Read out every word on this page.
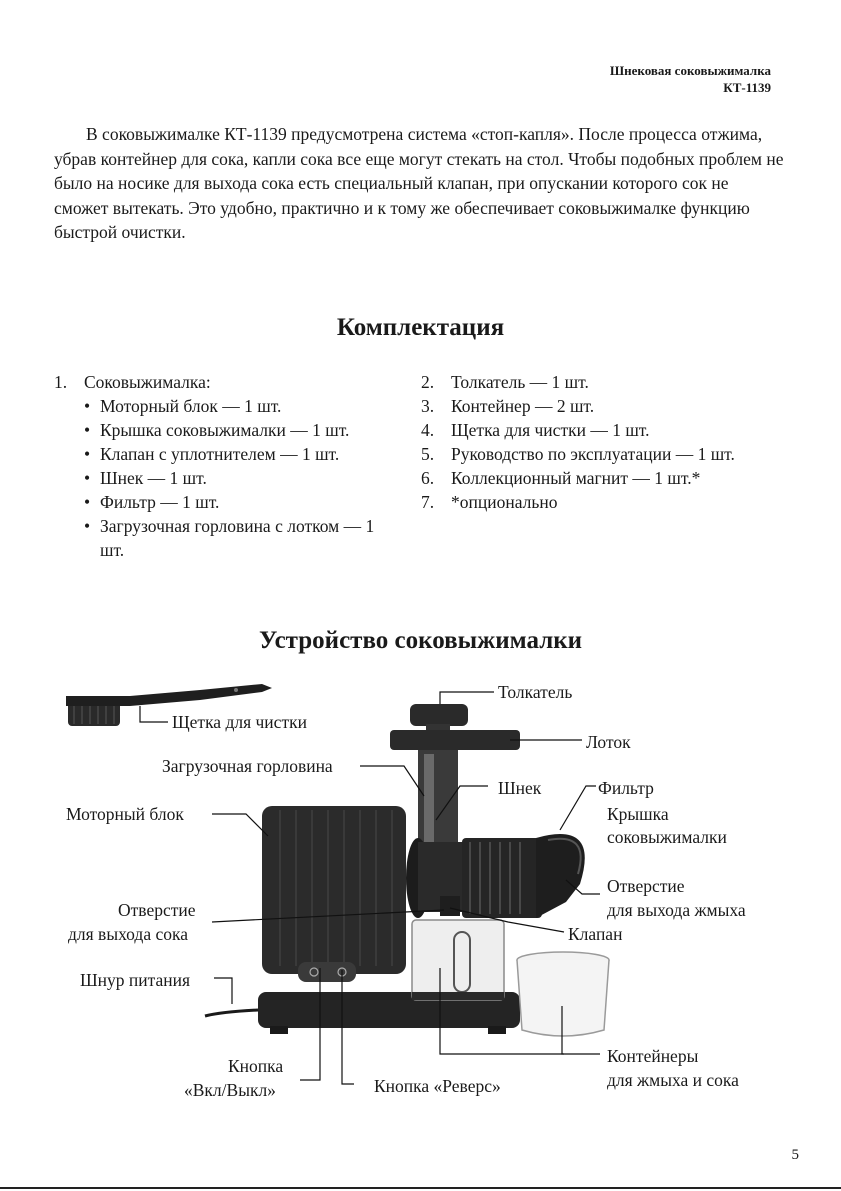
Шнековая соковыжималка
КТ-1139

В соковыжималке КТ-1139 предусмотрена система «стоп-капля». После процесса отжима, убрав контейнер для сока, капли сока все еще могут стекать на стол. Чтобы подобных проблем не было на носике для выхода сока есть специальный клапан, при опускании которого сок не сможет вытекать. Это удобно, практично и к тому же обеспечивает соковыжималке функцию быстрой очистки.

Комплектация
1. Соковыжималка:
• Моторный блок — 1 шт.
• Крышка соковыжималки — 1 шт.
• Клапан с уплотнителем — 1 шт.
• Шнек — 1 шт.
• Фильтр — 1 шт.
• Загрузочная горловина с лотком — 1 шт.
2. Толкатель — 1 шт.
3. Контейнер — 2 шт.
4. Щетка для чистки — 1 шт.
5. Руководство по эксплуатации — 1 шт.
6. Коллекционный магнит — 1 шт.*
7. *опционально
Устройство соковыжималки
Щетка для чистки
Толкатель
Лоток
Загрузочная горловина
Шнек	Фильтр
Моторный блок	Крышка
соковыжималки
Отверстие
для выхода жмыха
Отверстие
для выхода сока	Клапан
Шнур питания
Кнопка
«Вкл/Выкл»	Кнопка «Реверс»
Контейнеры
для жмыха и сока
5
